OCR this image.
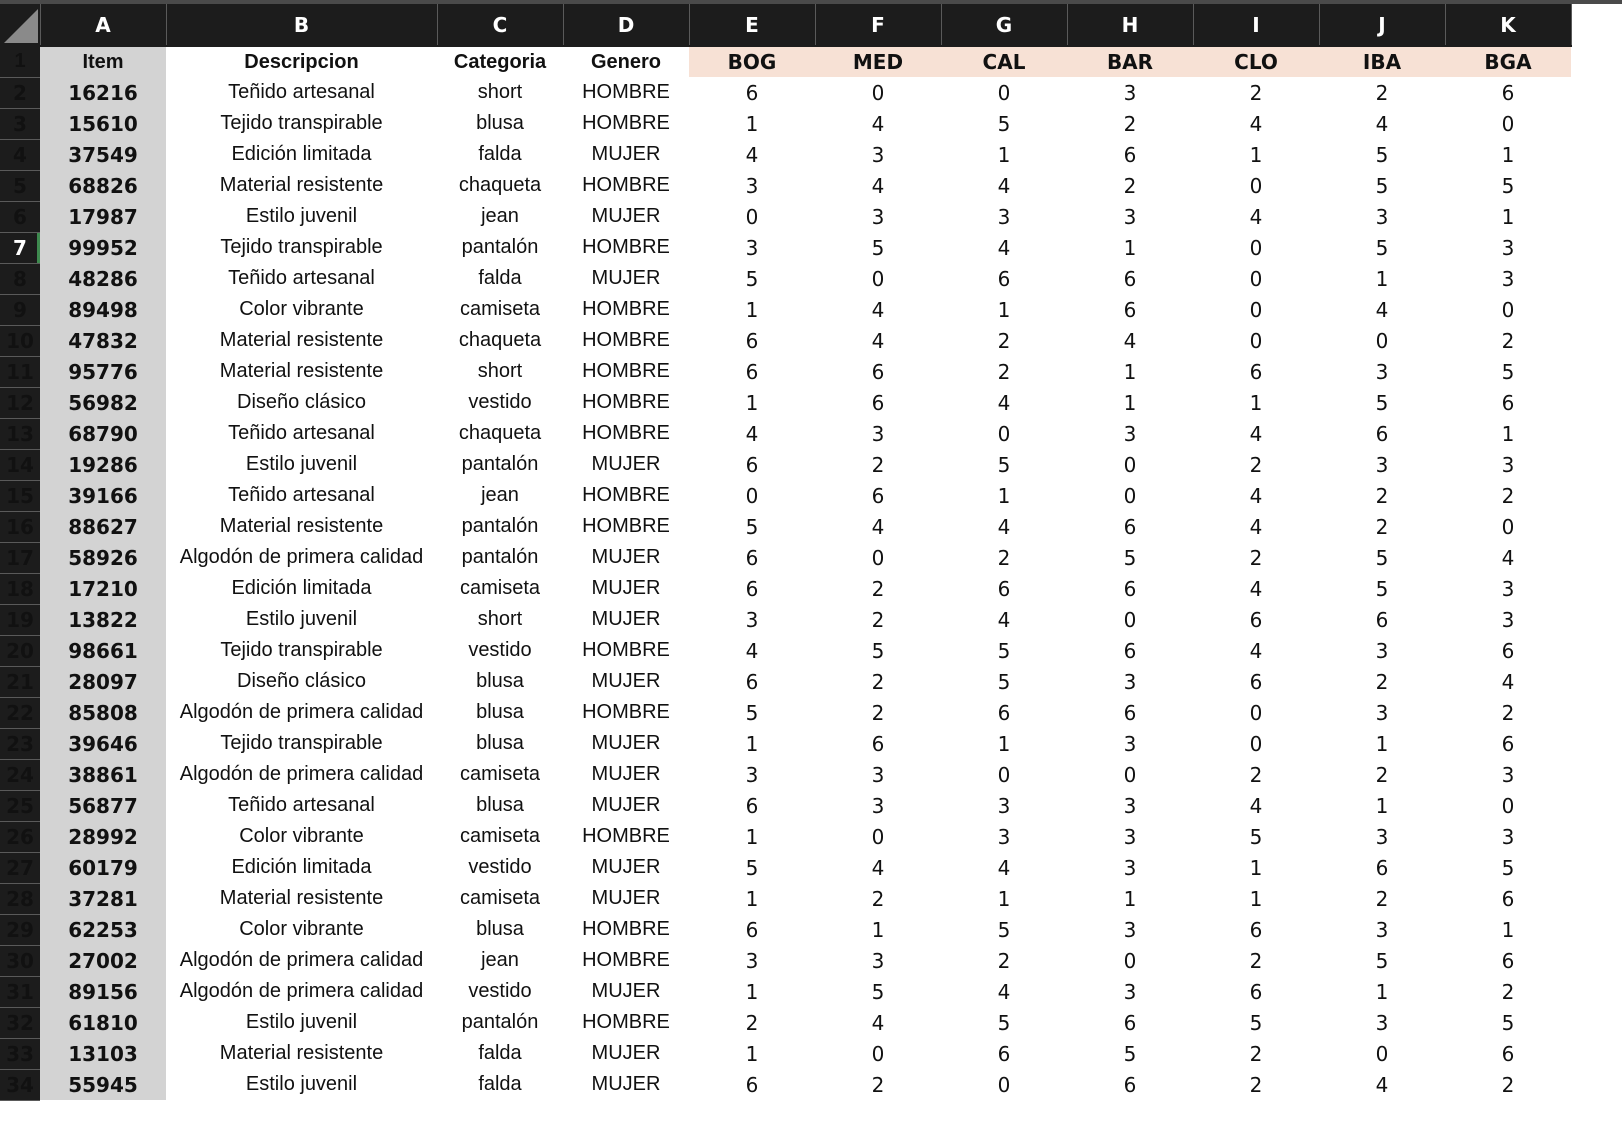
	A	B	C	D	E	F	G	H	I	J	K
1	Item	Descripcion	Categoria	Genero	BOG	MED	CAL	BAR	CLO	IBA	BGA
2	16216	Teñido artesanal	short	HOMBRE	6	0	0	3	2	2	6
3	15610	Tejido transpirable	blusa	HOMBRE	1	4	5	2	4	4	0
4	37549	Edición limitada	falda	MUJER	4	3	1	6	1	5	1
5	68826	Material resistente	chaqueta	HOMBRE	3	4	4	2	0	5	5
6	17987	Estilo juvenil	jean	MUJER	0	3	3	3	4	3	1
7	99952	Tejido transpirable	pantalón	HOMBRE	3	5	4	1	0	5	3
8	48286	Teñido artesanal	falda	MUJER	5	0	6	6	0	1	3
9	89498	Color vibrante	camiseta	HOMBRE	1	4	1	6	0	4	0
10	47832	Material resistente	chaqueta	HOMBRE	6	4	2	4	0	0	2
11	95776	Material resistente	short	HOMBRE	6	6	2	1	6	3	5
12	56982	Diseño clásico	vestido	HOMBRE	1	6	4	1	1	5	6
13	68790	Teñido artesanal	chaqueta	HOMBRE	4	3	0	3	4	6	1
14	19286	Estilo juvenil	pantalón	MUJER	6	2	5	0	2	3	3
15	39166	Teñido artesanal	jean	HOMBRE	0	6	1	0	4	2	2
16	88627	Material resistente	pantalón	HOMBRE	5	4	4	6	4	2	0
17	58926	Algodón de primera calidad	pantalón	MUJER	6	0	2	5	2	5	4
18	17210	Edición limitada	camiseta	MUJER	6	2	6	6	4	5	3
19	13822	Estilo juvenil	short	MUJER	3	2	4	0	6	6	3
20	98661	Tejido transpirable	vestido	HOMBRE	4	5	5	6	4	3	6
21	28097	Diseño clásico	blusa	MUJER	6	2	5	3	6	2	4
22	85808	Algodón de primera calidad	blusa	HOMBRE	5	2	6	6	0	3	2
23	39646	Tejido transpirable	blusa	MUJER	1	6	1	3	0	1	6
24	38861	Algodón de primera calidad	camiseta	MUJER	3	3	0	0	2	2	3
25	56877	Teñido artesanal	blusa	MUJER	6	3	3	3	4	1	0
26	28992	Color vibrante	camiseta	HOMBRE	1	0	3	3	5	3	3
27	60179	Edición limitada	vestido	MUJER	5	4	4	3	1	6	5
28	37281	Material resistente	camiseta	MUJER	1	2	1	1	1	2	6
29	62253	Color vibrante	blusa	HOMBRE	6	1	5	3	6	3	1
30	27002	Algodón de primera calidad	jean	HOMBRE	3	3	2	0	2	5	6
31	89156	Algodón de primera calidad	vestido	MUJER	1	5	4	3	6	1	2
32	61810	Estilo juvenil	pantalón	HOMBRE	2	4	5	6	5	3	5
33	13103	Material resistente	falda	MUJER	1	0	6	5	2	0	6
34	55945	Estilo juvenil	falda	MUJER	6	2	0	6	2	4	2
